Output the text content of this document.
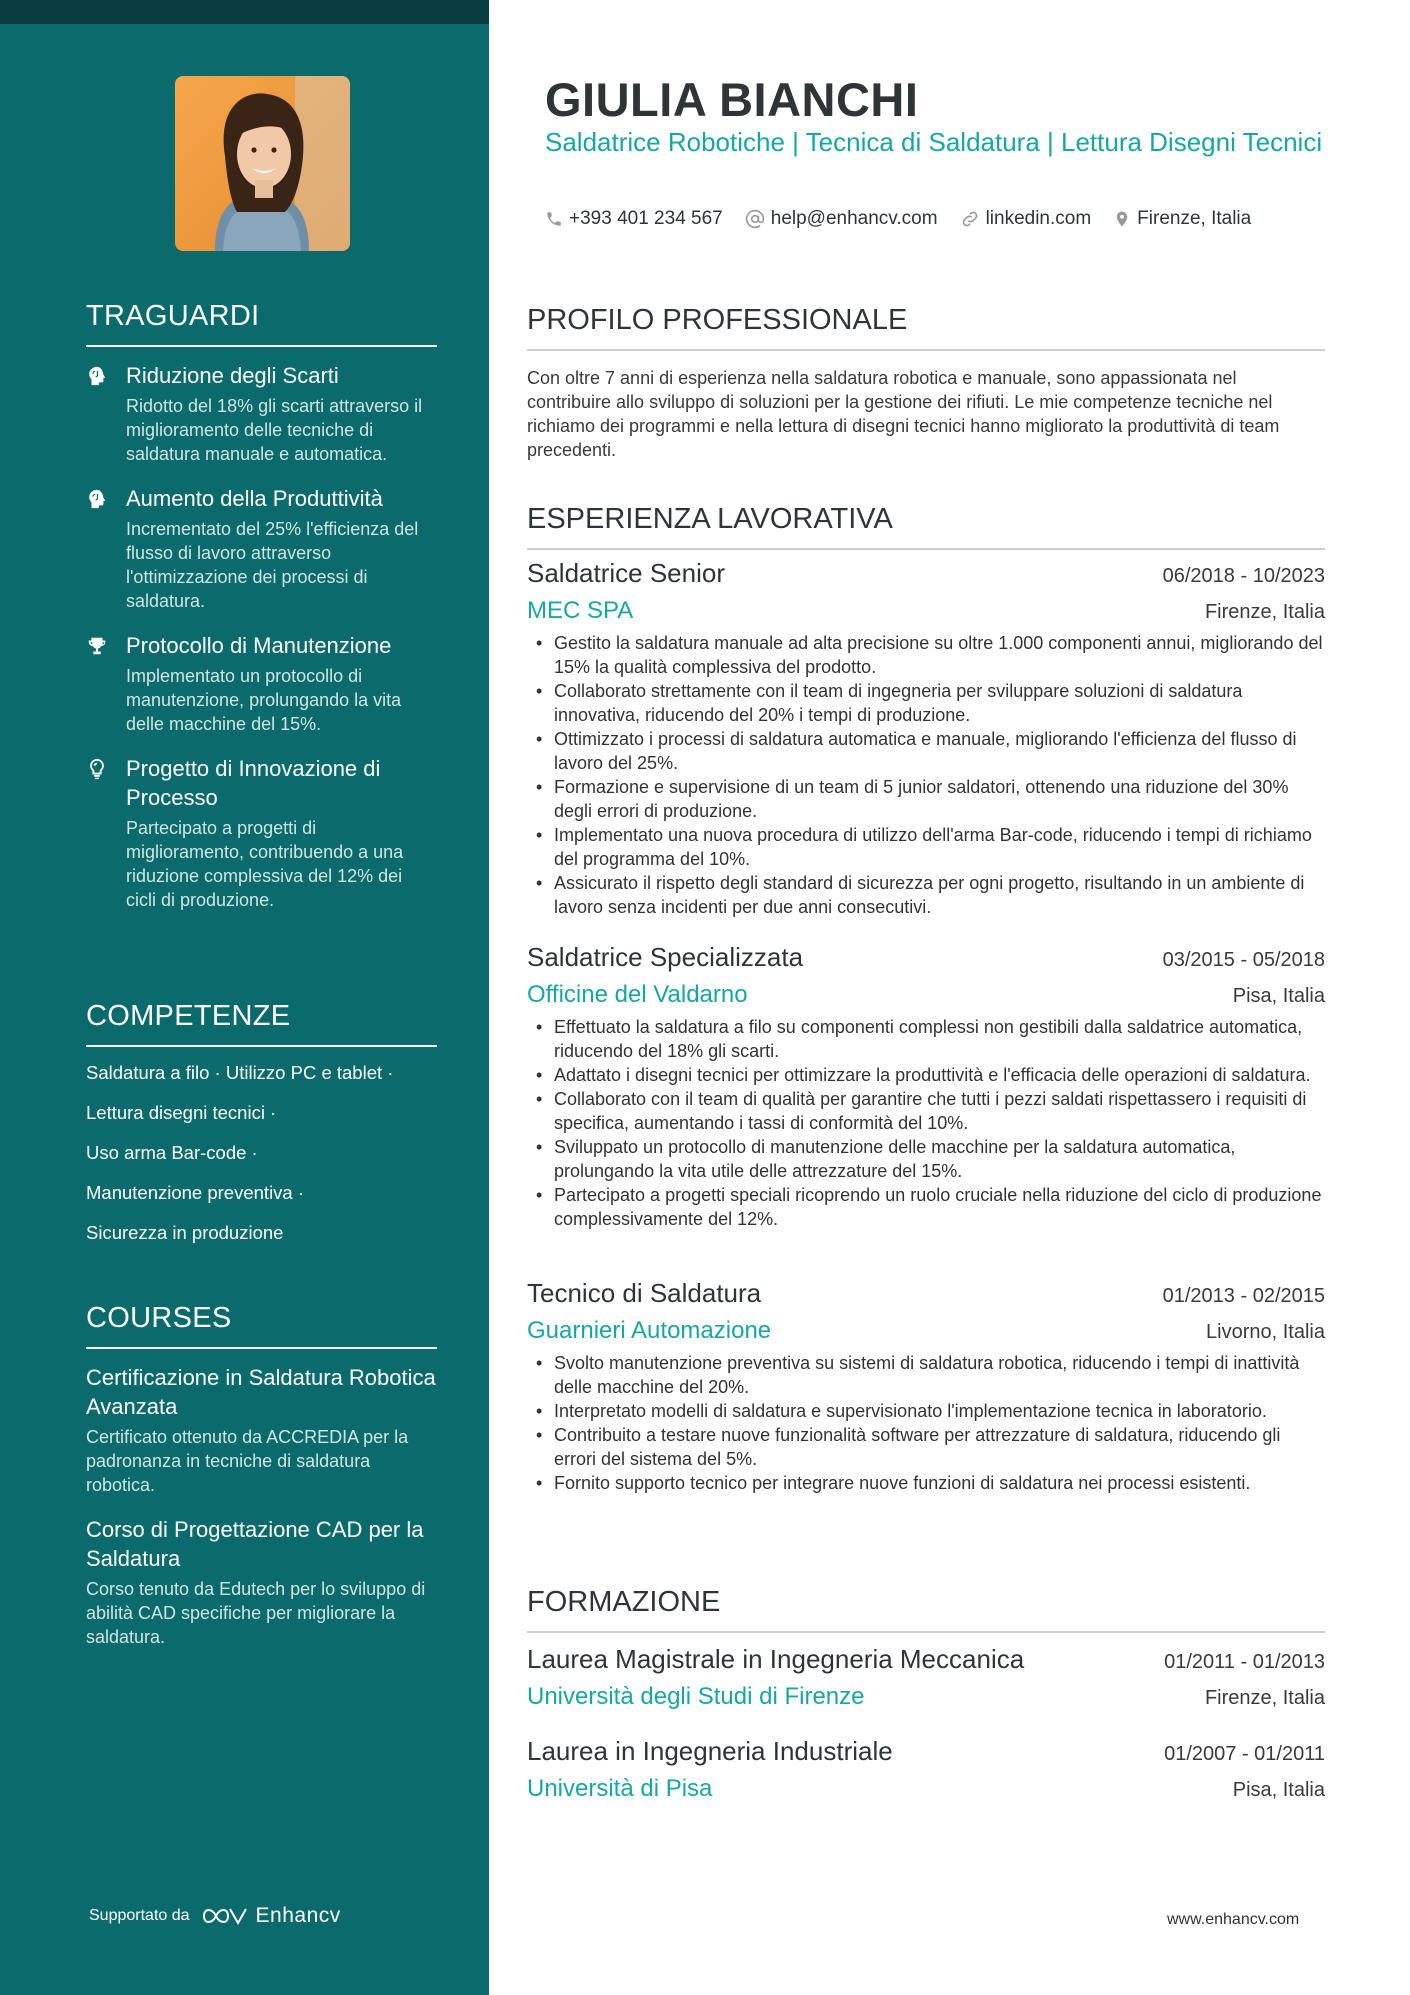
TRAGUARDI
Riduzione degli Scarti
Ridotto del 18% gli scarti attraverso il miglioramento delle tecniche di saldatura manuale e automatica.
Aumento della Produttività
Incrementato del 25% l'efficienza del flusso di lavoro attraverso l'ottimizzazione dei processi di saldatura.
Protocollo di Manutenzione
Implementato un protocollo di manutenzione, prolungando la vita delle macchine del 15%.
Progetto di Innovazione di Processo
Partecipato a progetti di miglioramento, contribuendo a una riduzione complessiva del 12% dei cicli di produzione.
COMPETENZE
Saldatura a filo · Utilizzo PC e tablet ·
Lettura disegni tecnici ·
Uso arma Bar-code ·
Manutenzione preventiva ·
Sicurezza in produzione
COURSES
Certificazione in Saldatura Robotica Avanzata
Certificato ottenuto da ACCREDIA per la padronanza in tecniche di saldatura robotica.
Corso di Progettazione CAD per la Saldatura
Corso tenuto da Edutech per lo sviluppo di abilità CAD specifiche per migliorare la saldatura.
Supportato da	Enhancv
GIULIA BIANCHI
Saldatrice Robotiche | Tecnica di Saldatura | Lettura Disegni Tecnici
+393 401 234 567	help@enhancv.com	linkedin.com Firenze, Italia
PROFILO PROFESSIONALE
Con oltre 7 anni di esperienza nella saldatura robotica e manuale, sono appassionata nel contribuire allo sviluppo di soluzioni per la gestione dei rifiuti. Le mie competenze tecniche nel richiamo dei programmi e nella lettura di disegni tecnici hanno migliorato la produttività di team precedenti.
ESPERIENZA LAVORATIVA
Saldatrice Senior	06/2018 - 10/2023
MEC SPA	Firenze, Italia
• Gestito la saldatura manuale ad alta precisione su oltre 1.000 componenti annui, migliorando del 15% la qualità complessiva del prodotto.
• Collaborato strettamente con il team di ingegneria per sviluppare soluzioni di saldatura innovativa, riducendo del 20% i tempi di produzione.
• Ottimizzato i processi di saldatura automatica e manuale, migliorando l'efficienza del flusso di lavoro del 25%.
• Formazione e supervisione di un team di 5 junior saldatori, ottenendo una riduzione del 30% degli errori di produzione.
• Implementato una nuova procedura di utilizzo dell'arma Bar-code, riducendo i tempi di richiamo del programma del 10%.
• Assicurato il rispetto degli standard di sicurezza per ogni progetto, risultando in un ambiente di lavoro senza incidenti per due anni consecutivi.
Saldatrice Specializzata	03/2015 - 05/2018
Officine del Valdarno	Pisa, Italia
• Effettuato la saldatura a filo su componenti complessi non gestibili dalla saldatrice automatica, riducendo del 18% gli scarti.
• Adattato i disegni tecnici per ottimizzare la produttività e l'efficacia delle operazioni di saldatura.
• Collaborato con il team di qualità per garantire che tutti i pezzi saldati rispettassero i requisiti di specifica, aumentando i tassi di conformità del 10%.
• Sviluppato un protocollo di manutenzione delle macchine per la saldatura automatica, prolungando la vita utile delle attrezzature del 15%.
• Partecipato a progetti speciali ricoprendo un ruolo cruciale nella riduzione del ciclo di produzione complessivamente del 12%.
Tecnico di Saldatura	01/2013 - 02/2015
Guarnieri Automazione	Livorno, Italia
• Svolto manutenzione preventiva su sistemi di saldatura robotica, riducendo i tempi di inattività delle macchine del 20%.
• Interpretato modelli di saldatura e supervisionato l'implementazione tecnica in laboratorio.
• Contribuito a testare nuove funzionalità software per attrezzature di saldatura, riducendo gli errori del sistema del 5%.
• Fornito supporto tecnico per integrare nuove funzioni di saldatura nei processi esistenti.
FORMAZIONE
Laurea Magistrale in Ingegneria Meccanica	01/2011 - 01/2013
Università degli Studi di Firenze	Firenze, Italia
Laurea in Ingegneria Industriale	01/2007 - 01/2011
Università di Pisa	Pisa, Italia
www.enhancv.com
